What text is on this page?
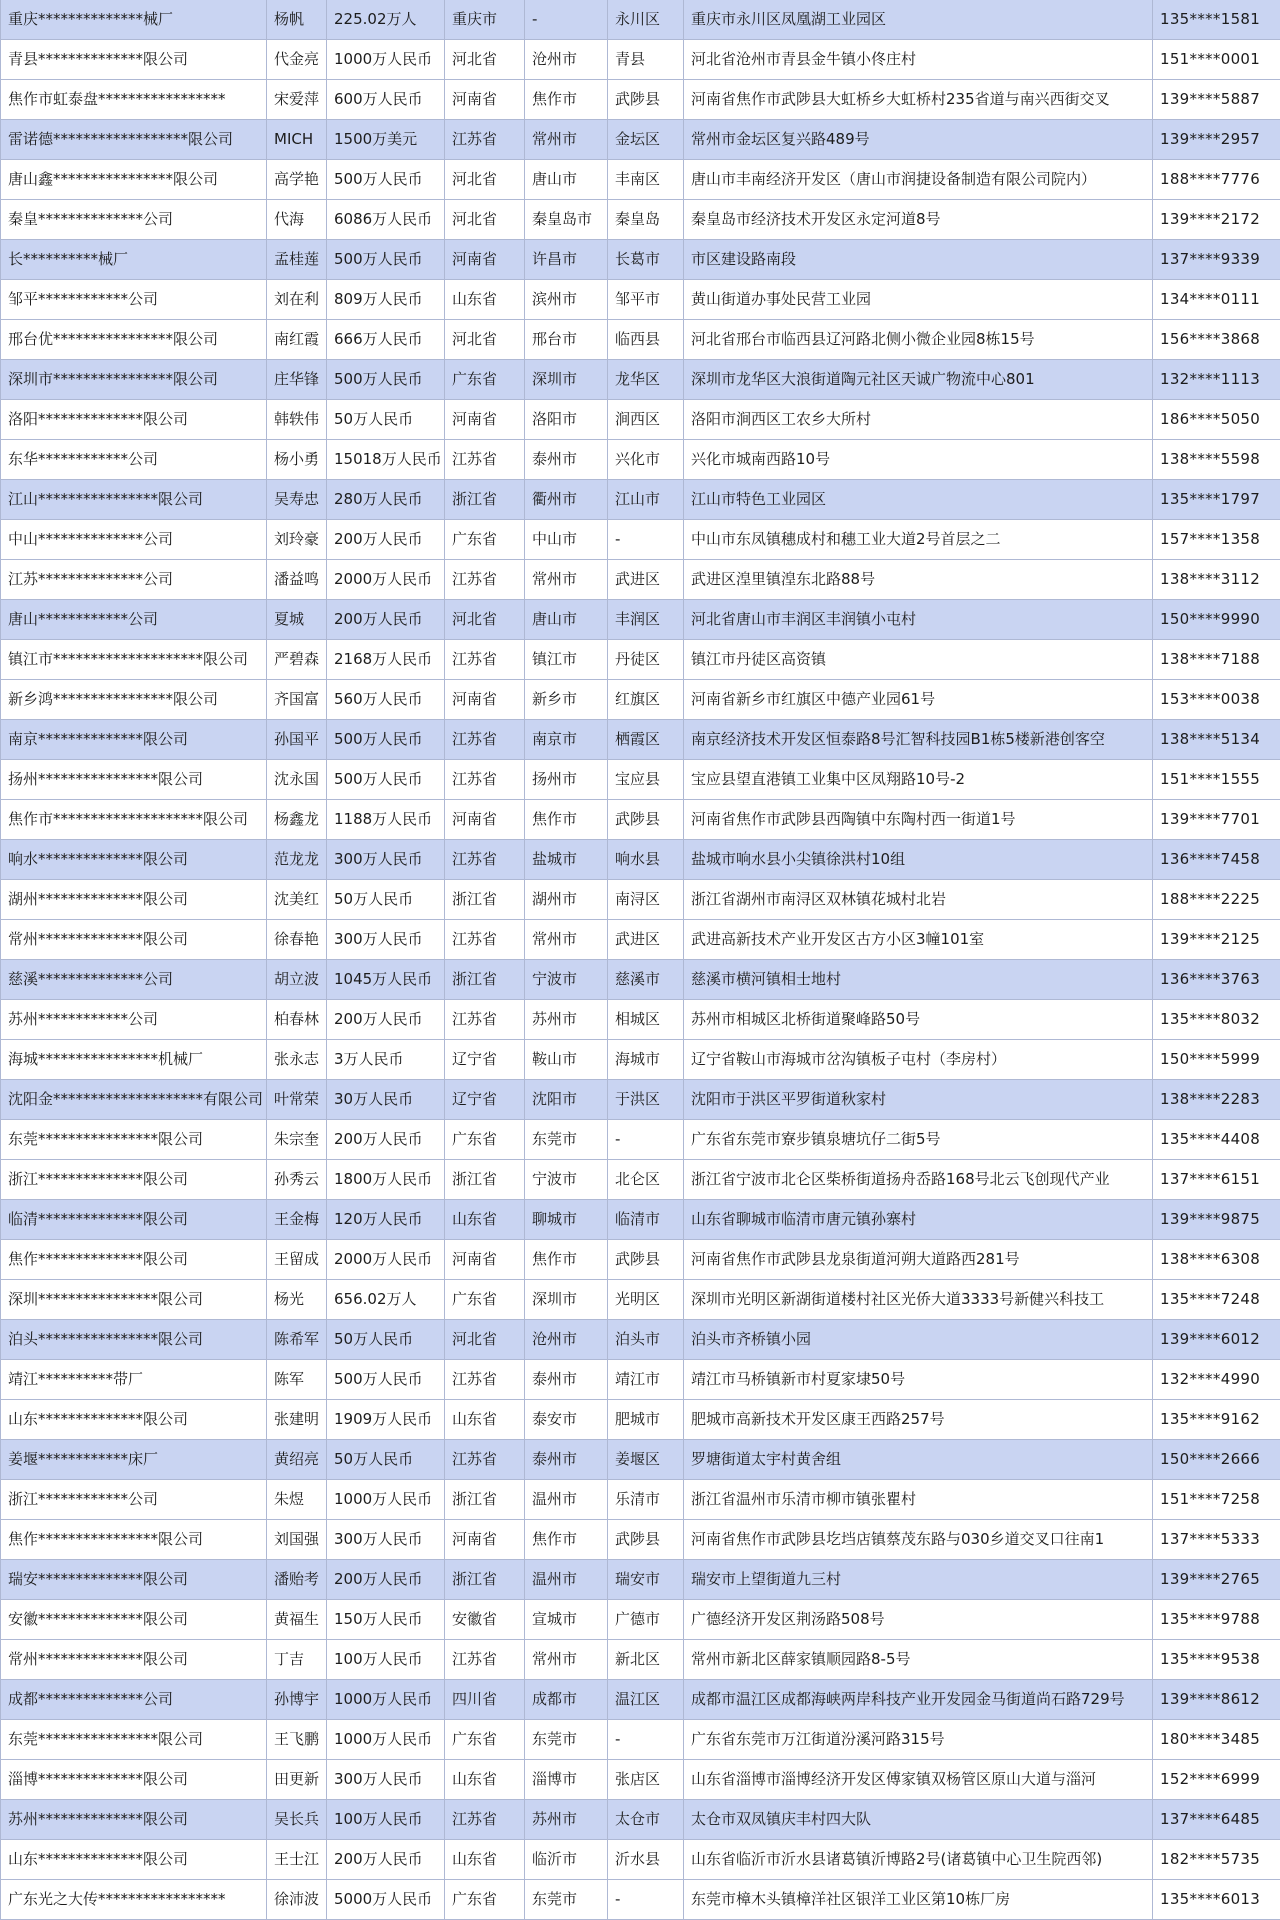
重庆**************械厂	杨帆	225.02万人	重庆市	-	永川区	重庆市永川区凤凰湖工业园区	135****1581
青县**************限公司	代金亮	1000万人民币	河北省	沧州市	青县	河北省沧州市青县金牛镇小佟庄村	151****0001
焦作市虹泰盘*****************	宋爱萍	600万人民币	河南省	焦作市	武陟县	河南省焦作市武陟县大虹桥乡大虹桥村235省道与南兴西街交叉	139****5887
雷诺德******************限公司	MICH	1500万美元	江苏省	常州市	金坛区	常州市金坛区复兴路489号	139****2957
唐山鑫****************限公司	高学艳	500万人民币	河北省	唐山市	丰南区	唐山市丰南经济开发区（唐山市润捷设备制造有限公司院内）	188****7776
秦皇**************公司	代海	6086万人民币	河北省	秦皇岛市	秦皇岛	秦皇岛市经济技术开发区永定河道8号	139****2172
长**********械厂	孟桂莲	500万人民币	河南省	许昌市	长葛市	市区建设路南段	137****9339
邹平************公司	刘在利	809万人民币	山东省	滨州市	邹平市	黄山街道办事处民营工业园	134****0111
邢台优****************限公司	南红霞	666万人民币	河北省	邢台市	临西县	河北省邢台市临西县辽河路北侧小微企业园8栋15号	156****3868
深圳市****************限公司	庄华锋	500万人民币	广东省	深圳市	龙华区	深圳市龙华区大浪街道陶元社区天诚广物流中心801	132****1113
洛阳**************限公司	韩轶伟	50万人民币	河南省	洛阳市	涧西区	洛阳市涧西区工农乡大所村	186****5050
东华************公司	杨小勇	15018万人民币	江苏省	泰州市	兴化市	兴化市城南西路10号	138****5598
江山****************限公司	吴寿忠	280万人民币	浙江省	衢州市	江山市	江山市特色工业园区	135****1797
中山**************公司	刘玲豪	200万人民币	广东省	中山市	-	中山市东凤镇穗成村和穗工业大道2号首层之二	157****1358
江苏**************公司	潘益鸣	2000万人民币	江苏省	常州市	武进区	武进区湟里镇湟东北路88号	138****3112
唐山************公司	夏城	200万人民币	河北省	唐山市	丰润区	河北省唐山市丰润区丰润镇小屯村	150****9990
镇江市********************限公司	严碧森	2168万人民币	江苏省	镇江市	丹徒区	镇江市丹徒区高资镇	138****7188
新乡鸿****************限公司	齐国富	560万人民币	河南省	新乡市	红旗区	河南省新乡市红旗区中德产业园61号	153****0038
南京**************限公司	孙国平	500万人民币	江苏省	南京市	栖霞区	南京经济技术开发区恒泰路8号汇智科技园B1栋5楼新港创客空	138****5134
扬州****************限公司	沈永国	500万人民币	江苏省	扬州市	宝应县	宝应县望直港镇工业集中区凤翔路10号-2	151****1555
焦作市********************限公司	杨鑫龙	1188万人民币	河南省	焦作市	武陟县	河南省焦作市武陟县西陶镇中东陶村西一街道1号	139****7701
响水**************限公司	范龙龙	300万人民币	江苏省	盐城市	响水县	盐城市响水县小尖镇徐洪村10组	136****7458
湖州**************限公司	沈美红	50万人民币	浙江省	湖州市	南浔区	浙江省湖州市南浔区双林镇花城村北岩	188****2225
常州**************限公司	徐春艳	300万人民币	江苏省	常州市	武进区	武进高新技术产业开发区古方小区3幢101室	139****2125
慈溪**************公司	胡立波	1045万人民币	浙江省	宁波市	慈溪市	慈溪市横河镇相士地村	136****3763
苏州************公司	柏春林	200万人民币	江苏省	苏州市	相城区	苏州市相城区北桥街道聚峰路50号	135****8032
海城****************机械厂	张永志	3万人民币	辽宁省	鞍山市	海城市	辽宁省鞍山市海城市岔沟镇板子屯村（李房村）	150****5999
沈阳金********************有限公司	叶常荣	30万人民币	辽宁省	沈阳市	于洪区	沈阳市于洪区平罗街道秋家村	138****2283
东莞****************限公司	朱宗奎	200万人民币	广东省	东莞市	-	广东省东莞市寮步镇泉塘坑仔二街5号	135****4408
浙江**************限公司	孙秀云	1800万人民币	浙江省	宁波市	北仑区	浙江省宁波市北仑区柴桥街道扬舟岙路168号北云飞创现代产业	137****6151
临清**************限公司	王金梅	120万人民币	山东省	聊城市	临清市	山东省聊城市临清市唐元镇孙寨村	139****9875
焦作**************限公司	王留成	2000万人民币	河南省	焦作市	武陟县	河南省焦作市武陟县龙泉街道河朔大道路西281号	138****6308
深圳****************限公司	杨光	656.02万人	广东省	深圳市	光明区	深圳市光明区新湖街道楼村社区光侨大道3333号新健兴科技工	135****7248
泊头****************限公司	陈希军	50万人民币	河北省	沧州市	泊头市	泊头市齐桥镇小园	139****6012
靖江**********带厂	陈军	500万人民币	江苏省	泰州市	靖江市	靖江市马桥镇新市村夏家埭50号	132****4990
山东**************限公司	张建明	1909万人民币	山东省	泰安市	肥城市	肥城市高新技术开发区康王西路257号	135****9162
姜堰************床厂	黄绍亮	50万人民币	江苏省	泰州市	姜堰区	罗塘街道太宇村黄舍组	150****2666
浙江************公司	朱煜	1000万人民币	浙江省	温州市	乐清市	浙江省温州市乐清市柳市镇张瞿村	151****7258
焦作****************限公司	刘国强	300万人民币	河南省	焦作市	武陟县	河南省焦作市武陟县圪垱店镇蔡茂东路与030乡道交叉口往南1	137****5333
瑞安**************限公司	潘贻考	200万人民币	浙江省	温州市	瑞安市	瑞安市上望街道九三村	139****2765
安徽**************限公司	黄福生	150万人民币	安徽省	宣城市	广德市	广德经济开发区荆汤路508号	135****9788
常州**************限公司	丁吉	100万人民币	江苏省	常州市	新北区	常州市新北区薛家镇顺园路8-5号	135****9538
成都**************公司	孙博宇	1000万人民币	四川省	成都市	温江区	成都市温江区成都海峡两岸科技产业开发园金马街道尚石路729号	139****8612
东莞****************限公司	王飞鹏	1000万人民币	广东省	东莞市	-	广东省东莞市万江街道汾溪河路315号	180****3485
淄博**************限公司	田更新	300万人民币	山东省	淄博市	张店区	山东省淄博市淄博经济开发区傅家镇双杨管区原山大道与淄河	152****6999
苏州**************限公司	吴长兵	100万人民币	江苏省	苏州市	太仓市	太仓市双凤镇庆丰村四大队	137****6485
山东**************限公司	王士江	200万人民币	山东省	临沂市	沂水县	山东省临沂市沂水县诸葛镇沂博路2号(诸葛镇中心卫生院西邻)	182****5735
广东光之大传*****************	徐沛波	5000万人民币	广东省	东莞市	-	东莞市樟木头镇樟洋社区银洋工业区第10栋厂房	135****6013
